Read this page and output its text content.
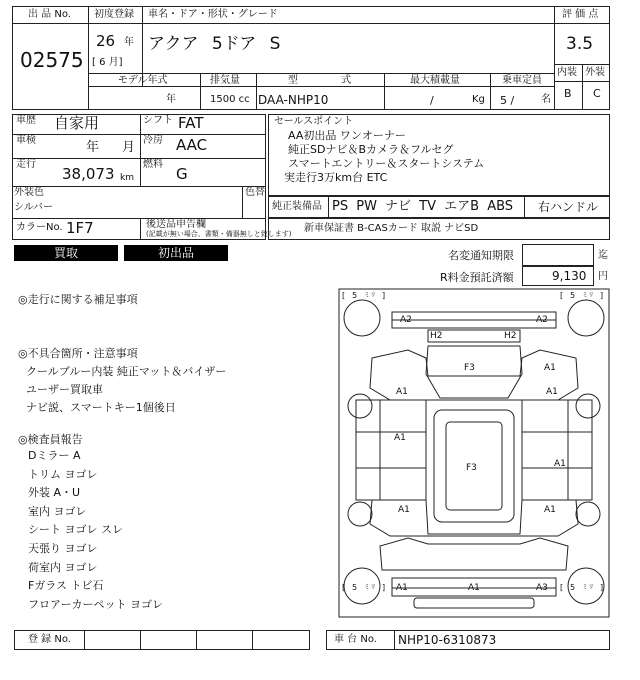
出 品 No.
02575
初度登録
26 年
[ 6 月]
車名・ドア・形状・グレード
アクア 5ドア S
評 価 点
3.5
内装 外装
B C
モデル年式
年
排気量
1500 cc
型 式
DAA-NHP10
最大積載量
/	Kg
乗車定員
5 /	名
車歴 自家用	シフト FAT
車検	年 月 冷房 AAC
走行
38,073 km
燃料
G
外装色
シルバー
色替
カラーNo. 1F7	後送品申告欄
(記載が無い場合、書類・備器無しと致します)
セールスポイント
AA初出品 ワンオーナー
純正SDナビ＆Bカメラ＆フルセグ
スマートエントリー＆スタートシステム
実走行3万km台 ETC
純正装備品 PS PW ナビ TV エアB ABS 右ハンドル
新車保証書 B-CASカード 取説 ナビSD
買取	初出品	名変通知期限	迄
R料金預託済額	9,130 円
◎走行に関する補足事項
◎不具合箇所・注意事項
クールブルー内装 純正マット＆バイザー
ユーザー買取車
ナビ説、スマートキー1個後日
◎検査員報告
Dミラー A
トリム ヨゴレ
外装 A・U
室内 ヨゴレ
シート ヨゴレ スレ
天張り ヨゴレ
荷室内 ヨゴレ
Fガラス トビ石
フロアーカーペット ヨゴレ
[ 5 ミリ ]	[ 5 ミリ ]
[ 5 ミリ ]	[ 5 ミリ ]
A2	A2
H2	H2
F3
A1
A1
A1
A1
F3	A1
A1	A1
A1	A1	A3
登 録 No.	車 台 No. NHP10-6310873
